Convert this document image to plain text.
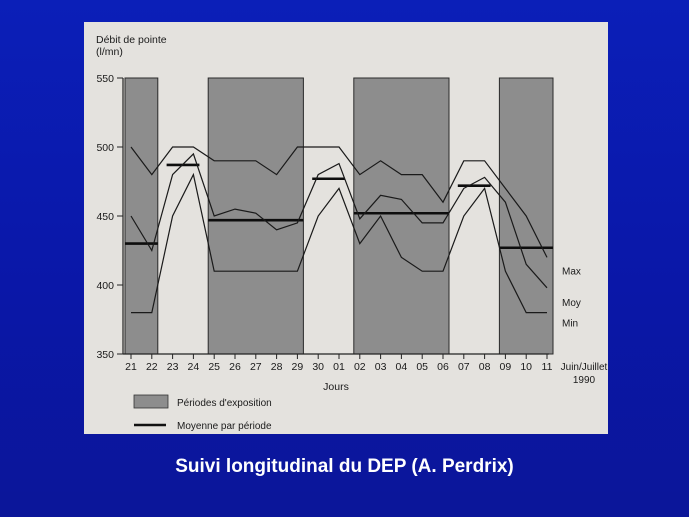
350
400
450
500
550
21 22 23 24 25 26 27 28 29 30 01 02 03 04 05 06 07 08 09 10 11
Max
Moy
Min
Débit de pointe
(l/mn)
Jours
Juin/Juillet
1990
Périodes d'exposition
Moyenne par période
Suivi longitudinal du DEP (A. Perdrix)
